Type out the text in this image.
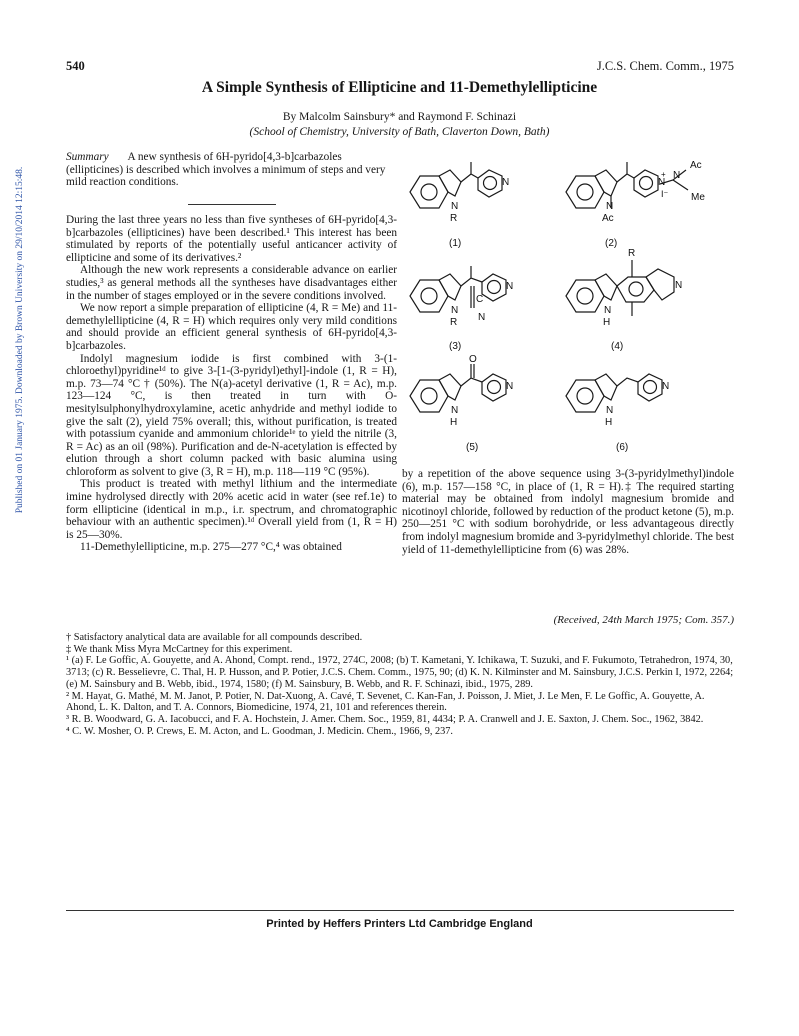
Published on 01 January 1975. Downloaded by Brown University on 29/10/2014 12:15:48.
540	J.C.S. Chem. Comm., 1975
A Simple Synthesis of Ellipticine and 11-Demethylellipticine
By Malcolm Sainsbury* and Raymond F. Schinazi
(School of Chemistry, University of Bath, Claverton Down, Bath)
Summary A new synthesis of 6H-pyrido[4,3-b]carbazoles (ellipticines) is described which involves a minimum of steps and very mild reaction conditions.

During the last three years no less than five syntheses of 6H-pyrido[4,3-b]carbazoles (ellipticines) have been described.¹ This interest has been stimulated by reports of the potentially useful anticancer activity of ellipticine and some of its derivatives.²

Although the new work represents a considerable advance on earlier studies,³ as general methods all the syntheses have disadvantages either in the number of stages employed or in the severe conditions involved.

We now report a simple preparation of ellipticine (4, R = Me) and 11-demethylellipticine (4, R = H) which requires only very mild conditions and should provide an efficient general synthesis of 6H-pyrido[4,3-b]carbazoles.

Indolyl magnesium iodide is first combined with 3-(1-chloroethyl)pyridine¹ᵈ to give 3-[1-(3-pyridyl)ethyl]-indole (1, R = H), m.p. 73—74 °C † (50%). The N(a)-acetyl derivative (1, R = Ac), m.p. 123—124 °C, is then treated in turn with O-mesitylsulphonylhydroxylamine, acetic anhydride and methyl iodide to give the salt (2), yield 75% overall; this, without purification, is treated with potassium cyanide and ammonium chloride¹ᵉ to yield the nitrile (3, R = Ac) as an oil (98%). Purification and de-N-acetylation is effected by elution through a short column packed with basic alumina using chloroform as solvent to give (3, R = H), m.p. 118—119 °C (95%).

This product is treated with methyl lithium and the intermediate imine hydrolysed directly with 20% acetic acid in water (see ref.1e) to form ellipticine (identical in m.p., i.r. spectrum, and chromatographic behaviour with an authentic specimen).¹ᵈ Overall yield from (1, R = H) is 25—30%.

11-Demethylellipticine, m.p. 275—277 °C,⁴ was obtained

N
R
N
(1)
N
Ac
N
+
I⁻
N
Ac
Me
(2)
N
R
N
C
N
(3)
N
H
R
N
(4)
N
H
O
N
(5)
N
H
N
(6)

by a repetition of the above sequence using 3-(3-pyridylmethyl)indole (6), m.p. 157—158 °C, in place of (1, R = H).‡ The required starting material may be obtained from indolyl magnesium bromide and nicotinoyl chloride, followed by reduction of the product ketone (5), m.p. 250—251 °C with sodium borohydride, or less advantageous directly from indolyl magnesium bromide and 3-pyridylmethyl chloride. The best yield of 11-demethylellipticine from (6) was 28%.

(Received, 24th March 1975; Com. 357.)

† Satisfactory analytical data are available for all compounds described.

‡ We thank Miss Myra McCartney for this experiment.

¹ (a) F. Le Goffic, A. Gouyette, and A. Ahond, Compt. rend., 1972, 274C, 2008; (b) T. Kametani, Y. Ichikawa, T. Suzuki, and F. Fukumoto, Tetrahedron, 1974, 30, 3713; (c) R. Besselievre, C. Thal, H. P. Husson, and P. Potier, J.C.S. Chem. Comm., 1975, 90; (d) K. N. Kilminster and M. Sainsbury, J.C.S. Perkin I, 1972, 2264; (e) M. Sainsbury and B. Webb, ibid., 1974, 1580; (f) M. Sainsbury, B. Webb, and R. F. Schinazi, ibid., 1975, 289.

² M. Hayat, G. Mathé, M. M. Janot, P. Potier, N. Dat-Xuong, A. Cavé, T. Sevenet, C. Kan-Fan, J. Poisson, J. Miet, J. Le Men, F. Le Goffic, A. Gouyette, A. Ahond, L. K. Dalton, and T. A. Connors, Biomedicine, 1974, 21, 101 and references therein.

³ R. B. Woodward, G. A. Iacobucci, and F. A. Hochstein, J. Amer. Chem. Soc., 1959, 81, 4434; P. A. Cranwell and J. E. Saxton, J. Chem. Soc., 1962, 3842.

⁴ C. W. Mosher, O. P. Crews, E. M. Acton, and L. Goodman, J. Medicin. Chem., 1966, 9, 237.

Printed by Heffers Printers Ltd Cambridge England
